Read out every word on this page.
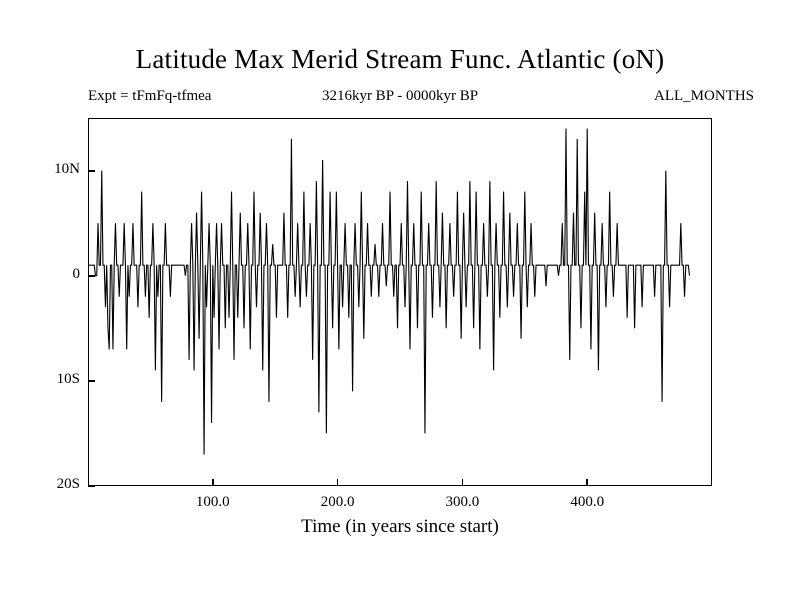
Latitude Max Merid Stream Func. Atlantic (oN)
Expt = tFmFq-tfmea	3216kyr BP - 0000kyr BP	ALL_MONTHS
10N
0
10S
20S
100.0	200.0	300.0	400.0
Time (in years since start)
